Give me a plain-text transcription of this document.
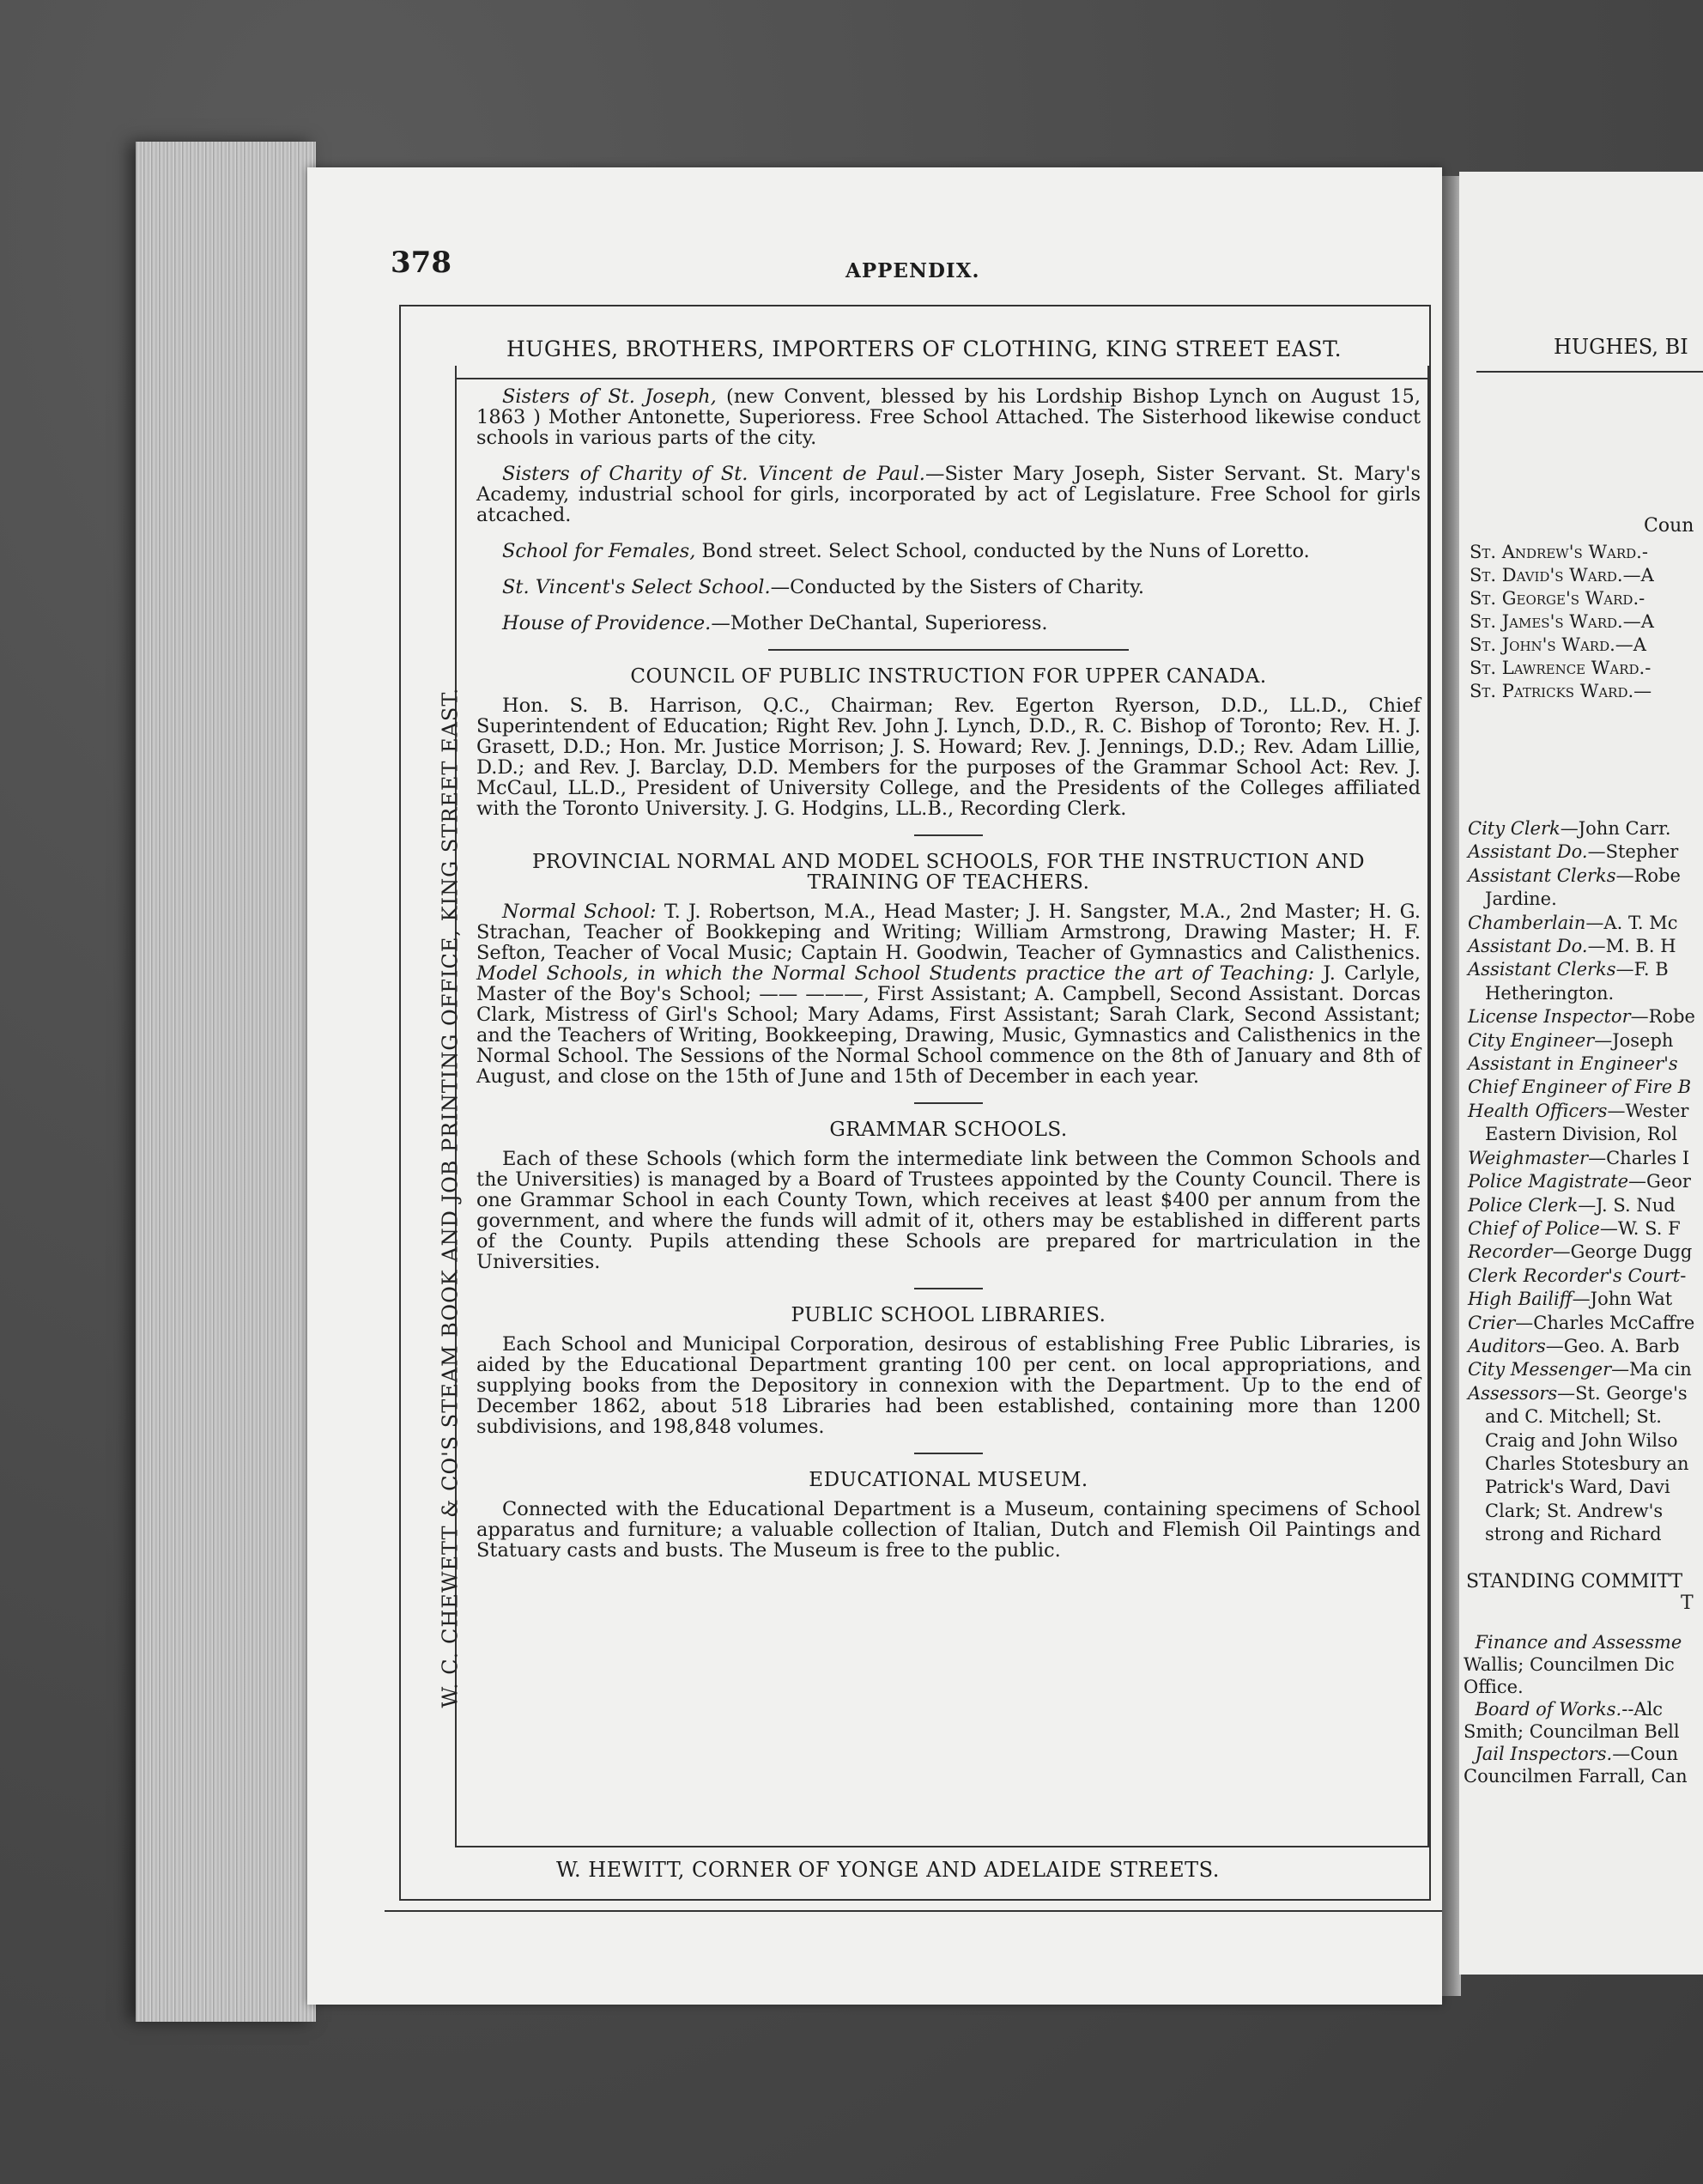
378	APPENDIX.
HUGHES, BROTHERS, IMPORTERS OF CLOTHING, KING STREET EAST.
W. C. CHEWETT & CO'S STEAM BOOK AND JOB PRINTING OFFICE, KING STREET EAST.

Sisters of St. Joseph, (new Convent, blessed by his Lordship Bishop Lynch on August 15, 1863 ) Mother Antonette, Superioress. Free School Attached. The Sisterhood likewise conduct schools in various parts of the city.

Sisters of Charity of St. Vincent de Paul.—Sister Mary Joseph, Sister Servant. St. Mary's Academy, industrial school for girls, incorporated by act of Legislature. Free School for girls atcached.

School for Females, Bond street. Select School, conducted by the Nuns of Loretto.

St. Vincent's Select School.—Conducted by the Sisters of Charity.

House of Providence.—Mother DeChantal, Superioress.

COUNCIL OF PUBLIC INSTRUCTION FOR UPPER CANADA.

Hon. S. B. Harrison, Q.C., Chairman; Rev. Egerton Ryerson, D.D., LL.D., Chief Superintendent of Education; Right Rev. John J. Lynch, D.D., R. C. Bishop of Toronto; Rev. H. J. Grasett, D.D.; Hon. Mr. Justice Morrison; J. S. Howard; Rev. J. Jennings, D.D.; Rev. Adam Lillie, D.D.; and Rev. J. Barclay, D.D. Members for the purposes of the Grammar School Act: Rev. J. McCaul, LL.D., President of University College, and the Presidents of the Colleges affiliated with the Toronto University. J. G. Hodgins, LL.B., Recording Clerk.

PROVINCIAL NORMAL AND MODEL SCHOOLS, FOR THE INSTRUCTION AND TRAINING OF TEACHERS.

Normal School: T. J. Robertson, M.A., Head Master; J. H. Sangster, M.A., 2nd Master; H. G. Strachan, Teacher of Bookkeping and Writing; William Armstrong, Drawing Master; H. F. Sefton, Teacher of Vocal Music; Captain H. Goodwin, Teacher of Gymnastics and Calisthenics. Model Schools, in which the Normal School Students practice the art of Teaching: J. Carlyle, Master of the Boy's School; —— ———, First Assistant; A. Campbell, Second Assistant. Dorcas Clark, Mistress of Girl's School; Mary Adams, First Assistant; Sarah Clark, Second Assistant; and the Teachers of Writing, Bookkeeping, Drawing, Music, Gymnastics and Calisthenics in the Normal School. The Sessions of the Normal School commence on the 8th of January and 8th of August, and close on the 15th of June and 15th of December in each year.

GRAMMAR SCHOOLS.

Each of these Schools (which form the intermediate link between the Common Schools and the Universities) is managed by a Board of Trustees appointed by the County Council. There is one Grammar School in each County Town, which receives at least $400 per annum from the government, and where the funds will admit of it, others may be established in different parts of the County. Pupils attending these Schools are prepared for martriculation in the Universities.

PUBLIC SCHOOL LIBRARIES.

Each School and Municipal Corporation, desirous of establishing Free Public Libraries, is aided by the Educational Department granting 100 per cent. on local appropriations, and supplying books from the Depository in connexion with the Department. Up to the end of December 1862, about 518 Libraries had been established, containing more than 1200 subdivisions, and 198,848 volumes.

EDUCATIONAL MUSEUM.

Connected with the Educational Department is a Museum, containing specimens of School apparatus and furniture; a valuable collection of Italian, Dutch and Flemish Oil Paintings and Statuary casts and busts. The Museum is free to the public.

W. HEWITT, CORNER OF YONGE AND ADELAIDE STREETS.
HUGHES, BI
Coun
St. Andrew's Ward.-
St. David's Ward.—A
St. George's Ward.-
St. James's Ward.—A
St. John's Ward.—A
St. Lawrence Ward.-
St. Patricks Ward.—
City Clerk—John Carr.
Assistant Do.—Stepher
Assistant Clerks—Robe
Jardine.
Chamberlain—A. T. Mc
Assistant Do.—M. B. H
Assistant Clerks—F. B
Hetherington.
License Inspector—Robe
City Engineer—Joseph
Assistant in Engineer's
Chief Engineer of Fire B
Health Officers—Wester
Eastern Division, Rol
Weighmaster—Charles I
Police Magistrate—Geor
Police Clerk—J. S. Nud
Chief of Police—W. S. F
Recorder—George Dugg
Clerk Recorder's Court-
High Bailiff—John Wat
Crier—Charles McCaffre
Auditors—Geo. A. Barb
City Messenger—Ma cin
Assessors—St. George's
and C. Mitchell; St.
Craig and John Wilso
Charles Stotesbury an
Patrick's Ward, Davi
Clark; St. Andrew's
strong and Richard
STANDING COMMITT
T
Finance and Assessme
Wallis; Councilmen Dic
Office.
Board of Works.--Alc
Smith; Councilman Bell
Jail Inspectors.—Coun
Councilmen Farrall, Can
